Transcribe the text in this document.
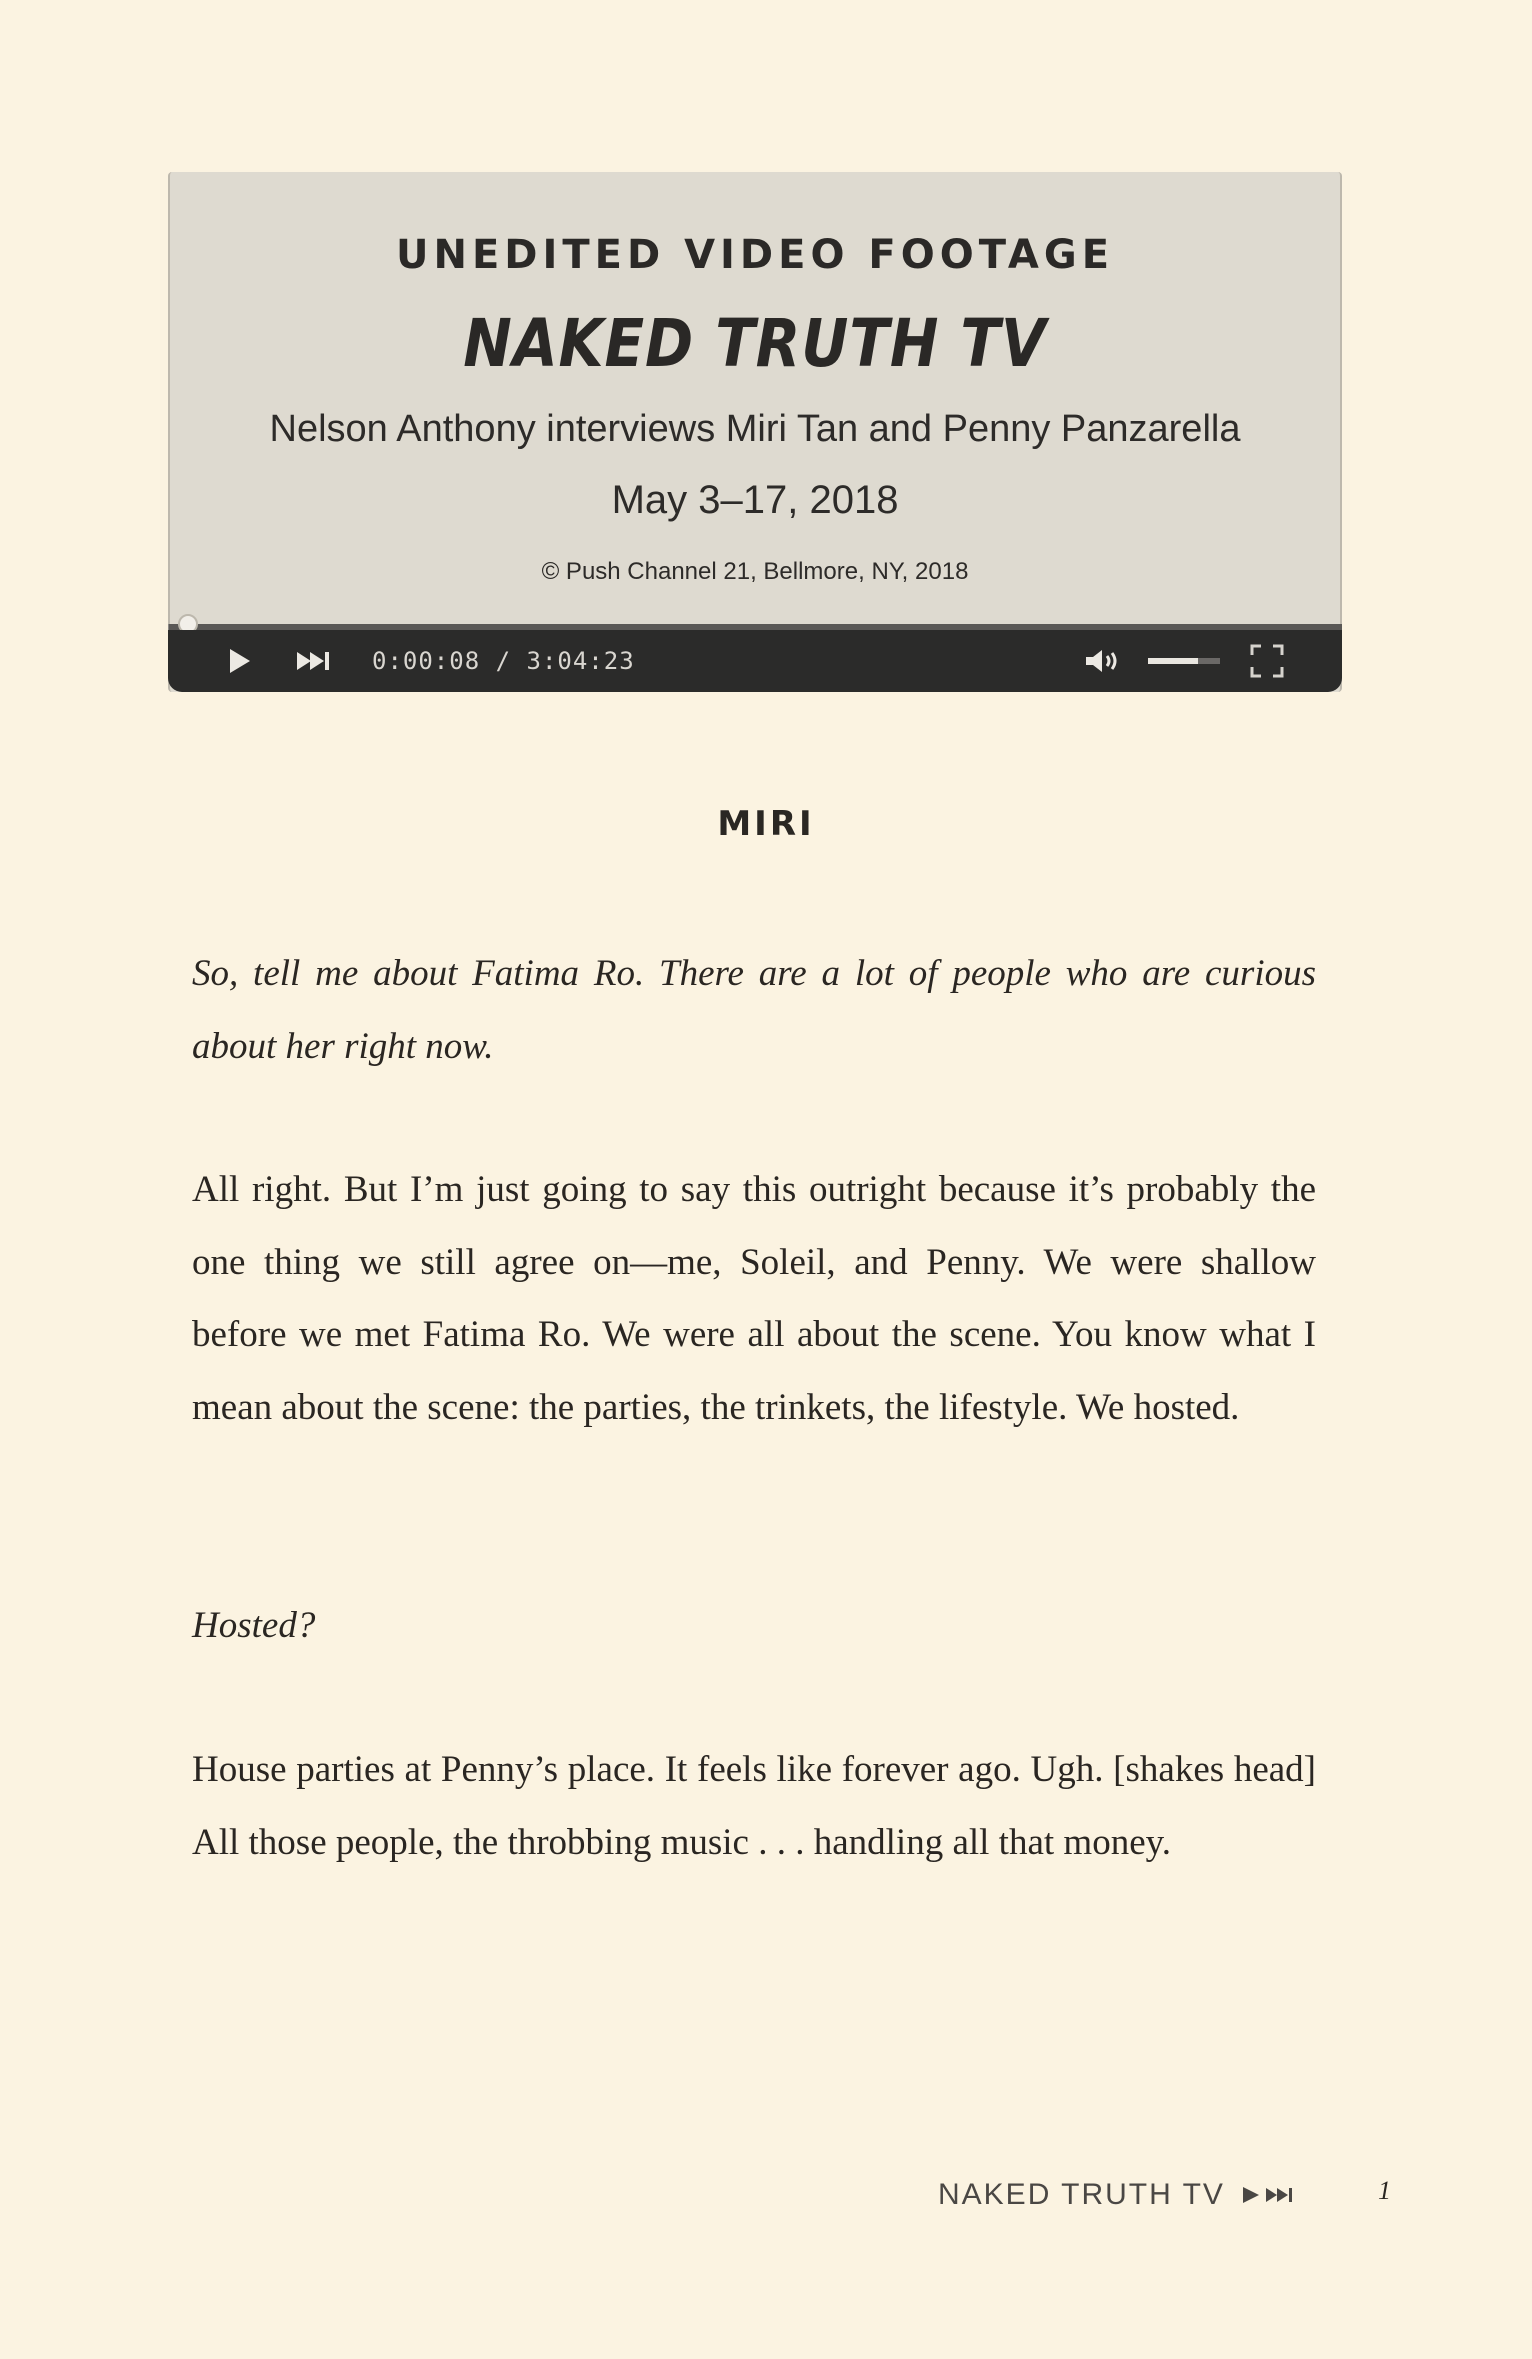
UNEDITED VIDEO FOOTAGE
NAKED TRUTH TV
Nelson Anthony interviews Miri Tan and Penny Panzarella
May 3–17, 2018
© Push Channel 21, Bellmore, NY, 2018
0:00:08 / 3:04:23
MIRI

So, tell me about Fatima Ro. There are a lot of people who are curious about her right now.

All right. But I’m just going to say this outright because it’s probably the one thing we still agree on—me, Soleil, and Penny. We were shallow before we met Fatima Ro. We were all about the scene. You know what I mean about the scene: the parties, the trinkets, the lifestyle. We hosted.

Hosted?

House parties at Penny’s place. It feels like forever ago. Ugh. [shakes head] All those people, the throbbing music . . . handling all that money.

NAKED TRUTH TV	1
